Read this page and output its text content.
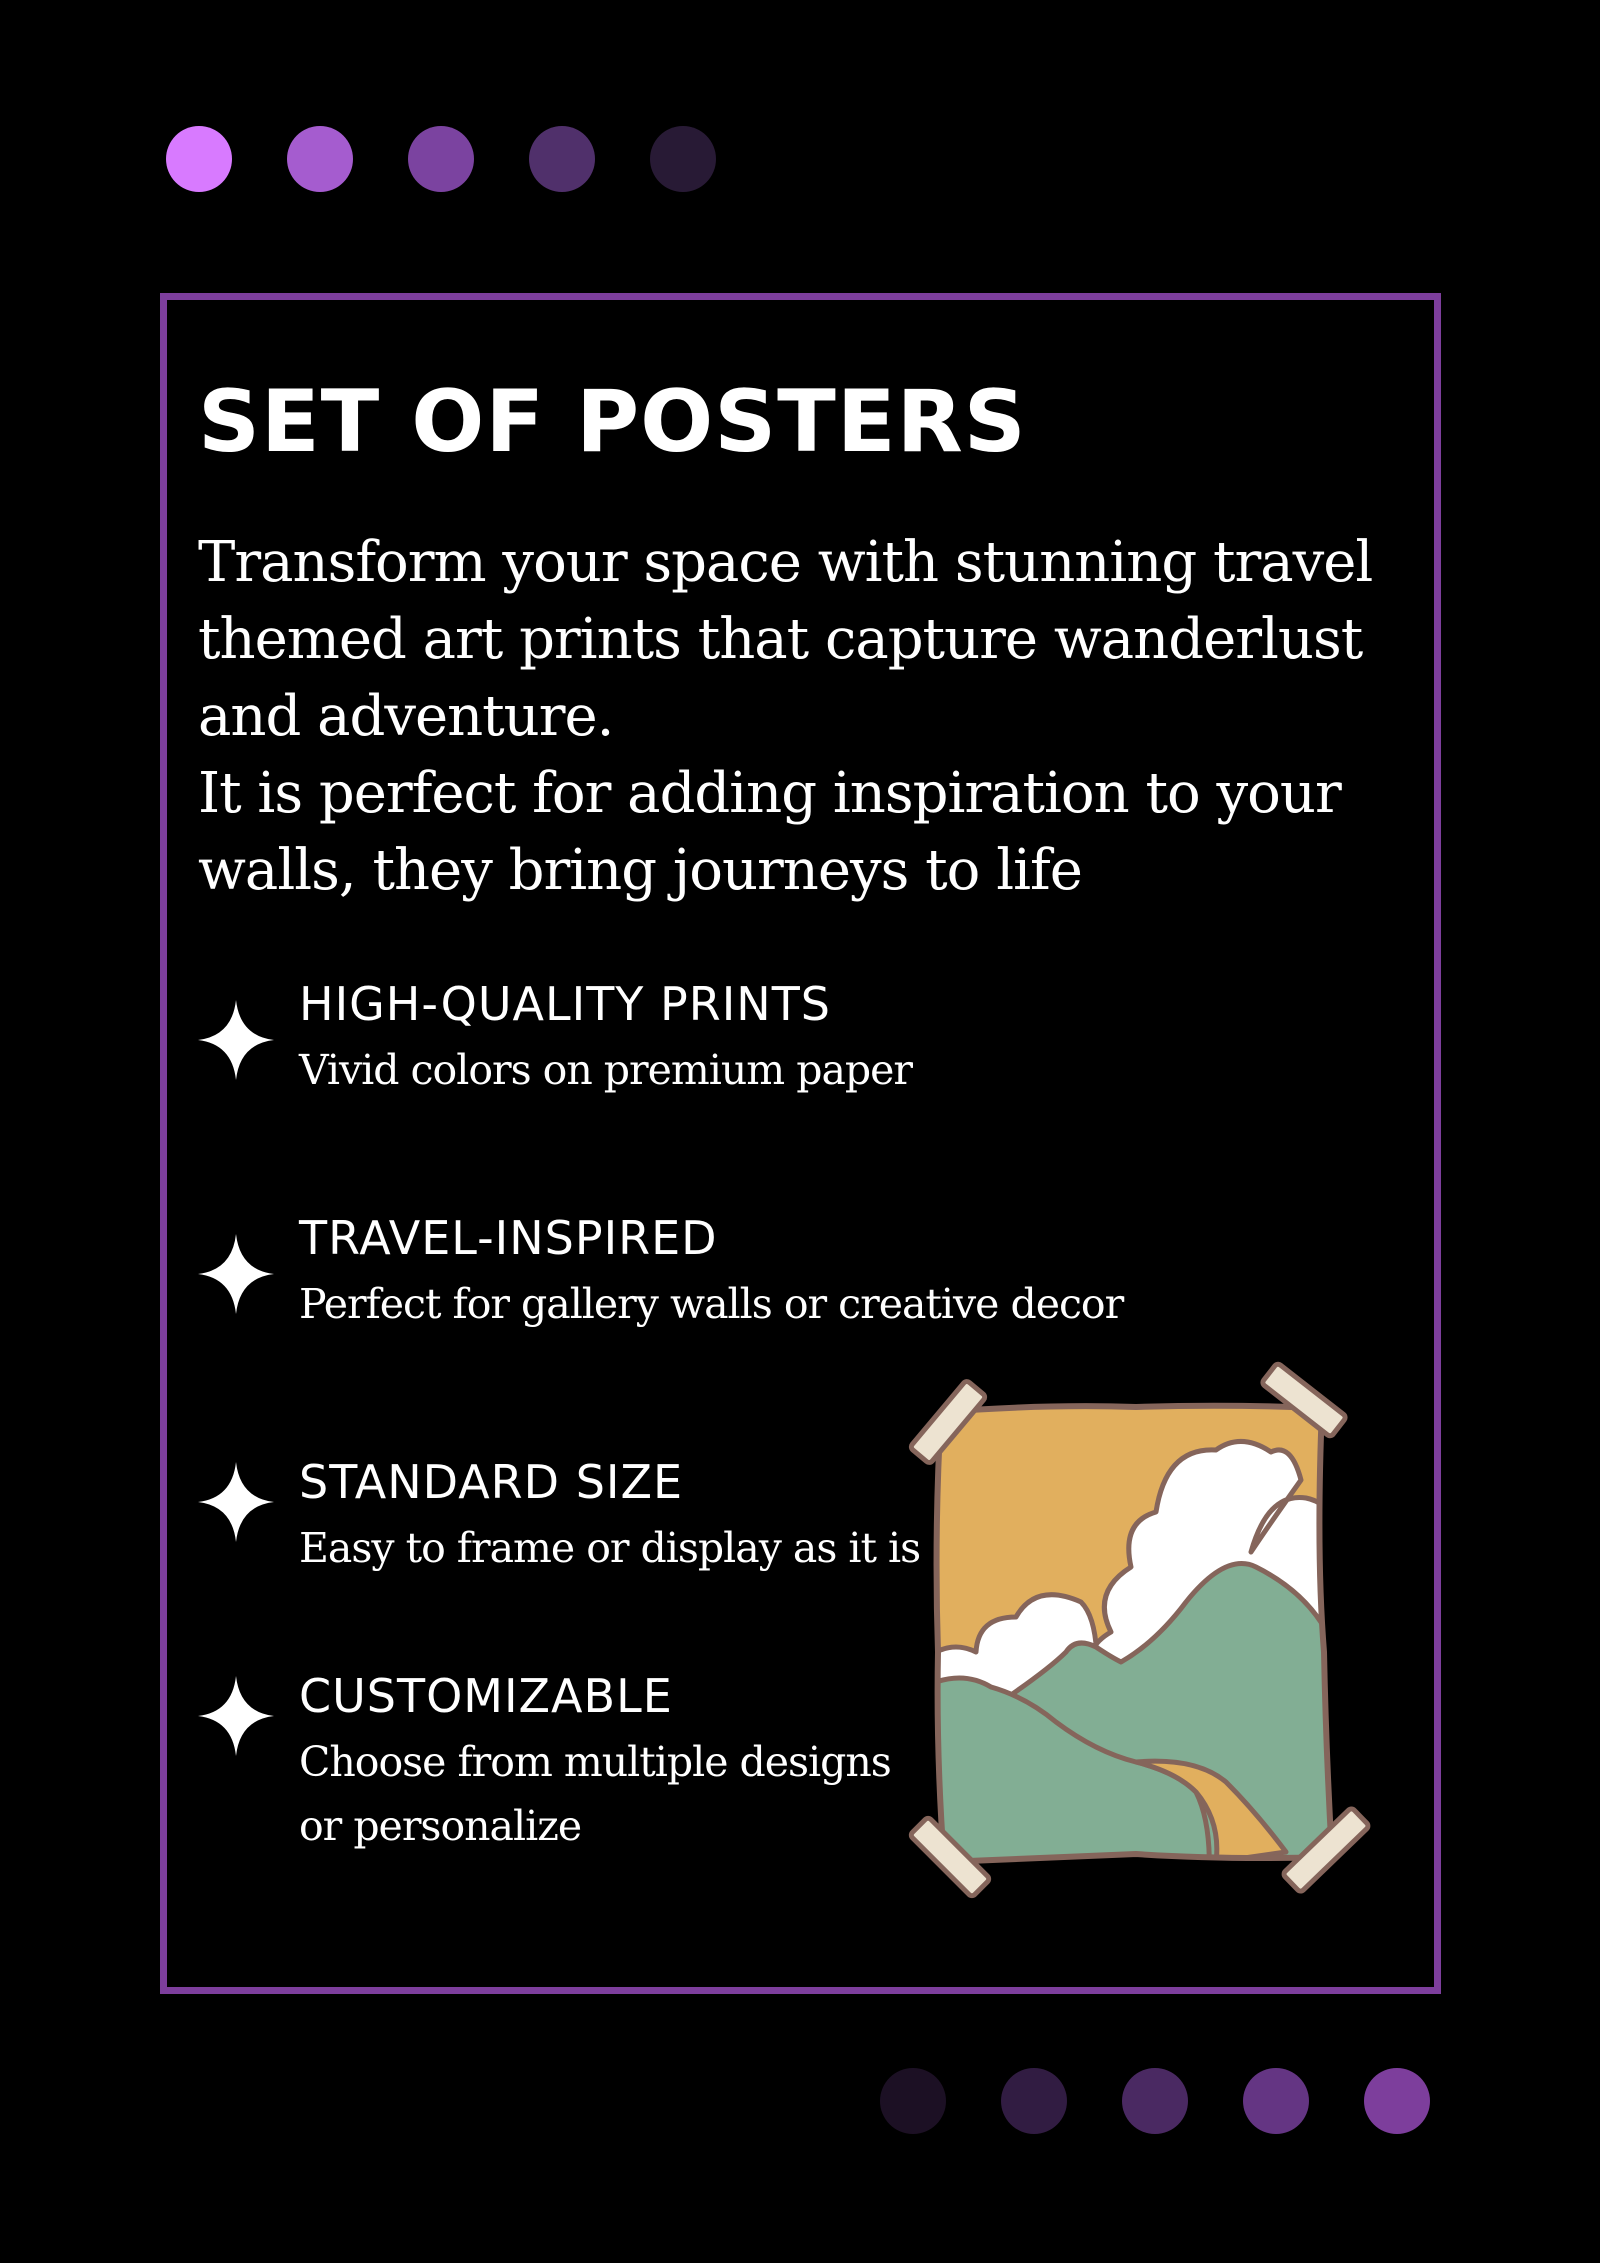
SET OF POSTERS

Transform your space with stunning travel

themed art prints that capture wanderlust

and adventure.

It is perfect for adding inspiration to your

walls, they bring journeys to life

HIGH-QUALITY PRINTS
Vivid colors on premium paper
TRAVEL-INSPIRED
Perfect for gallery walls or creative decor
STANDARD SIZE
Easy to frame or display as it is
CUSTOMIZABLE
Choose from multiple designs
or personalize
